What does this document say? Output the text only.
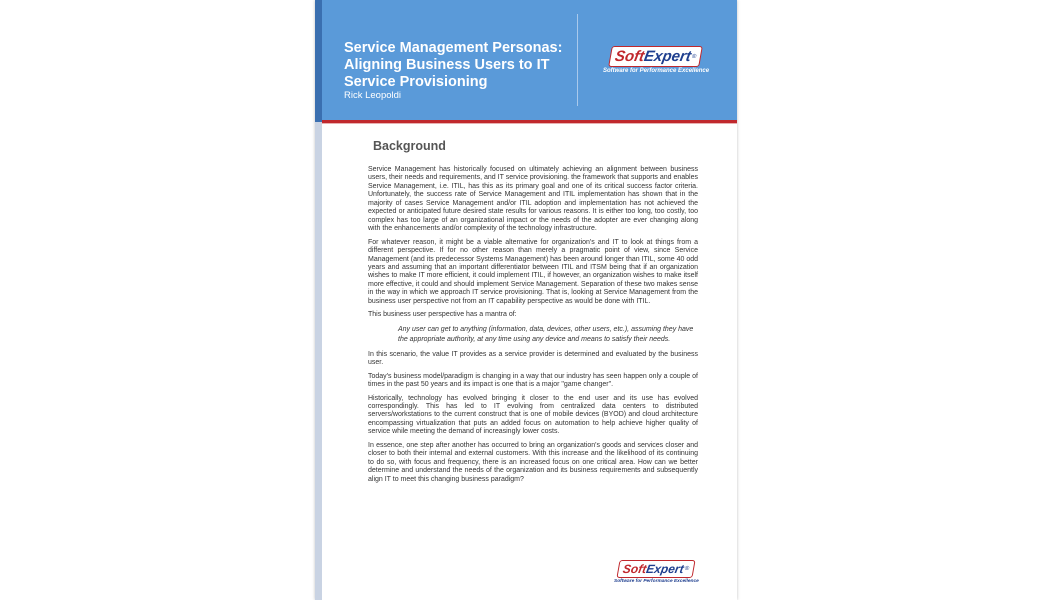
Service Management Personas:
Aligning Business Users to IT
Service Provisioning
Rick Leopoldi
Soft
Expert
®
Software for Performance Excellence
Background

Service Management has historically focused on ultimately achieving an alignment between business users, their needs and requirements, and IT service provisioning. the framework that supports and enables Service Management, i.e. ITIL, has this as its primary goal and one of its critical success factor criteria. Unfortunately, the success rate of Service Management and ITIL implementation has shown that in the majority of cases Service Management and/or ITIL adoption and implementation has not achieved the expected or anticipated future desired state results for various reasons. It is either too long, too costly, too complex has too large of an organizational impact or the needs of the adopter are ever changing along with the enhancements and/or complexity of the technology infrastructure.

For whatever reason, it might be a viable alternative for organization's and IT to look at things from a different perspective. If for no other reason than merely a pragmatic point of view, since Service Management (and its predecessor Systems Management) has been around longer than ITIL, some 40 odd years and assuming that an important differentiator between ITIL and ITSM being that if an organization wishes to make IT more efficient, it could implement ITIL, if however, an organization wishes to make itself more effective, it could and should implement Service Management. Separation of these two makes sense in the way in which we approach IT service provisioning. That is, looking at Service Management from the business user perspective not from an IT capability perspective as would be done with ITIL.

This business user perspective has a mantra of:

Any user can get to anything (information, data, devices, other users, etc.), assuming they have the appropriate authority, at any time using any device and means to satisfy their needs.

In this scenario, the value IT provides as a service provider is determined and evaluated by the business user.

Today's business model/paradigm is changing in a way that our industry has seen happen only a couple of times in the past 50 years and its impact is one that is a major "game changer".

Historically, technology has evolved bringing it closer to the end user and its use has evolved correspondingly. This has led to IT evolving from centralized data centers to distributed servers/workstations to the current construct that is one of mobile devices (BYOD) and cloud architecture encompassing virtualization that puts an added focus on automation to help achieve higher quality of service while meeting the demand of increasingly lower costs.

In essence, one step after another has occurred to bring an organization's goods and services closer and closer to both their internal and external customers. With this increase and the likelihood of its continuing to do so, with focus and frequency, there is an increased focus on one critical area. How can we better determine and understand the needs of the organization and its business requirements and subsequently align IT to meet this changing business paradigm?

Soft
Expert ®
Software for Performance Excellence
